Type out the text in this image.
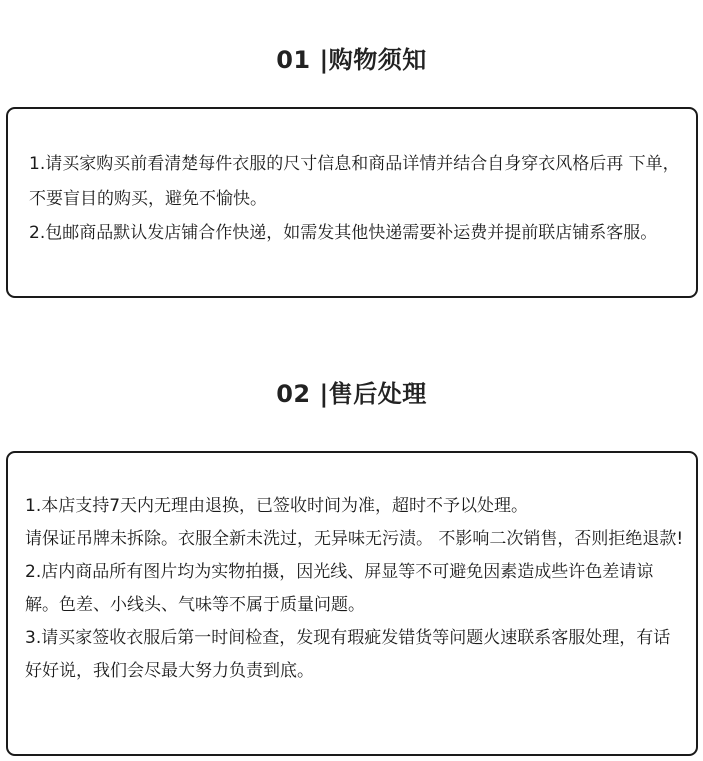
01 |购物须知

1.请买家购买前看清楚每件衣服的尺寸信息和商品详情并结合自身穿衣风格后再 下单， 不要盲目的购买，避免不愉快。

2.包邮商品默认发店铺合作快递，如需发其他快递需要补运费并提前联店铺系客服。

02 |售后处理

1.本店支持7天内无理由退换，已签收时间为准，超时不予以处理。

请保证吊牌未拆除。衣服全新未洗过，无异味无污渍。 不影响二次销售，否则拒绝退款!

2.店内商品所有图片均为实物拍摄，因光线、屏显等不可避免因素造成些许色差请谅解。色差、小线头、气味等不属于质量问题。

3.请买家签收衣服后第一时间检查，发现有瑕疵发错货等问题火速联系客服处理，有话好好说，我们会尽最大努力负责到底。
